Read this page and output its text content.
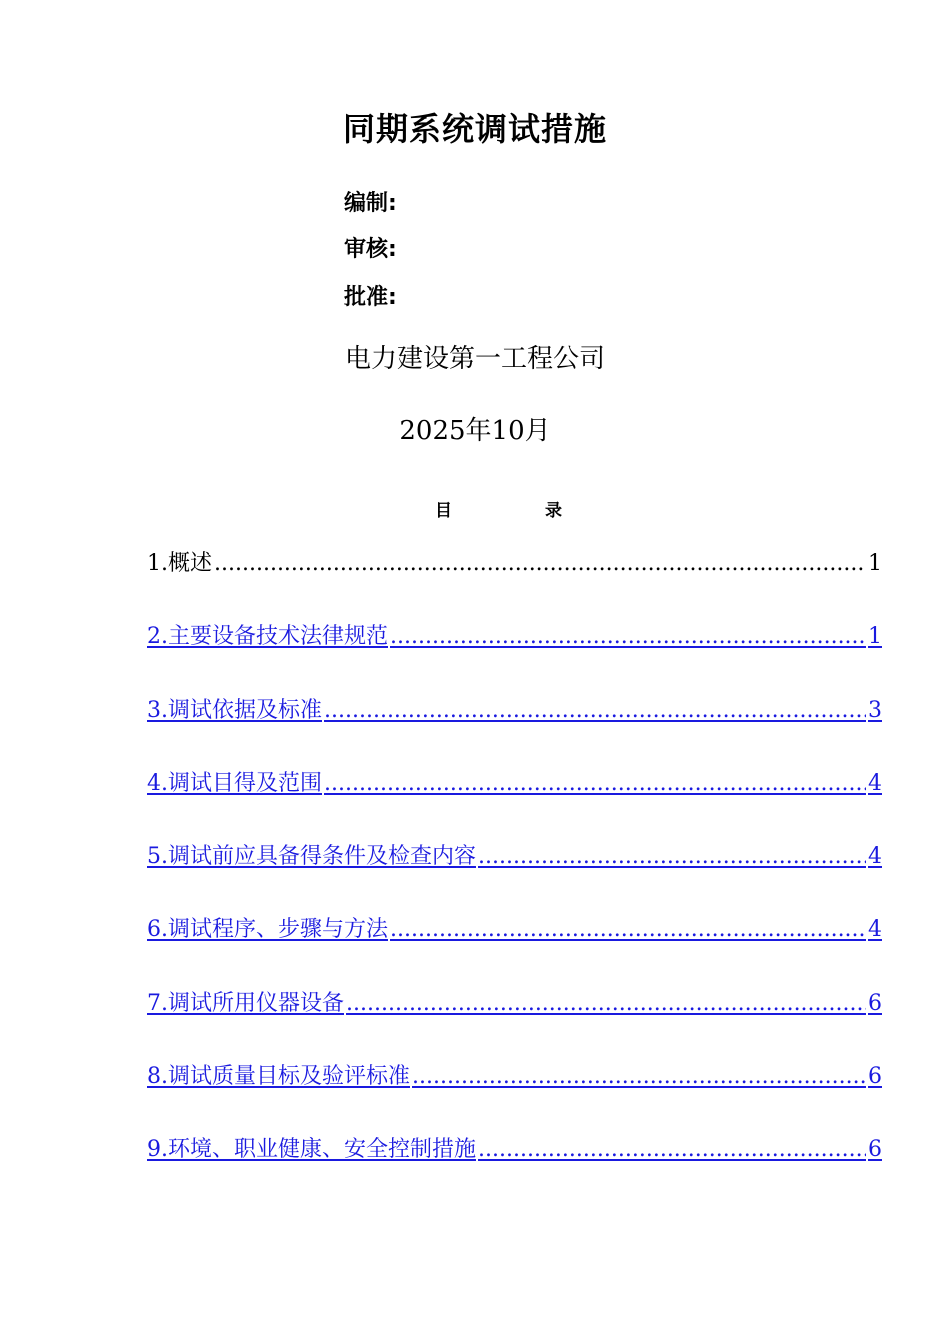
同期系统调试措施
编制:
审核:
批准:
电力建设第一工程公司
2025年10月
目	录
1.概述 .....	1
2.主要设备技术法律规范 .....	1
3.调试依据及标准 .....	3
4.调试目得及范围 .....	4
5.调试前应具备得条件及检查内容 .....	4
6.调试程序、步骤与方法 .....	4
7.调试所用仪器设备 .....	6
8.调试质量目标及验评标准 .....	6
9.环境、职业健康、安全控制措施 .....	6
